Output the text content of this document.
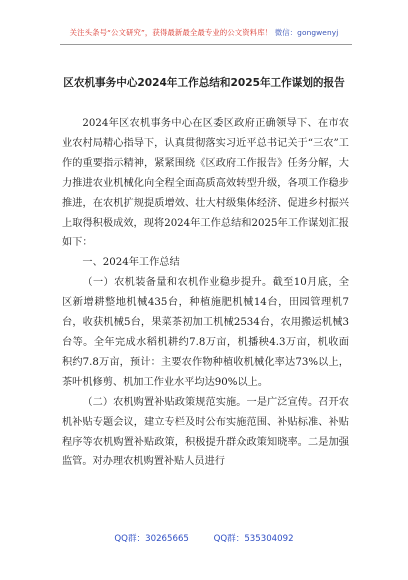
关注头条号“公文研究”，获得最新最全最专业的公文资料库！ 微信：gongwenyj
区农机事务中心2024年工作总结和2025年工作谋划的报告

2024年区农机事务中心在区委区政府正确领导下、在市农业农村局精心指导下，认真贯彻落实习近平总书记关于“三农”工作的重要指示精神，紧紧围绕《区政府工作报告》任务分解，大力推进农业机械化向全程全面高质高效转型升级，各项工作稳步推进，在农机扩规提质增效、壮大村级集体经济、促进乡村振兴上取得积极成效，现将2024年工作总结和2025年工作谋划汇报如下：

一、2024年工作总结

（一）农机装备量和农机作业稳步提升。截至10月底，全区新增耕整地机械435台，种植施肥机械14台，田园管理机7台，收获机械5台，果菜茶初加工机械2534台，农用搬运机械3台等。全年完成水稻机耕约7.8万亩，机播秧4.3万亩，机收面积约7.8万亩，预计：主要农作物种植收机械化率达73%以上，茶叶机修剪、机加工作业水平均达90%以上。

（二）农机购置补贴政策规范实施。一是广泛宣传。召开农机补贴专题会议，建立专栏及时公布实施范围、补贴标准、补贴程序等农机购置补贴政策，积极提升群众政策知晓率。二是加强监管。对办理农机购置补贴人员进行

QQ群：30265665	QQ群：535304092
